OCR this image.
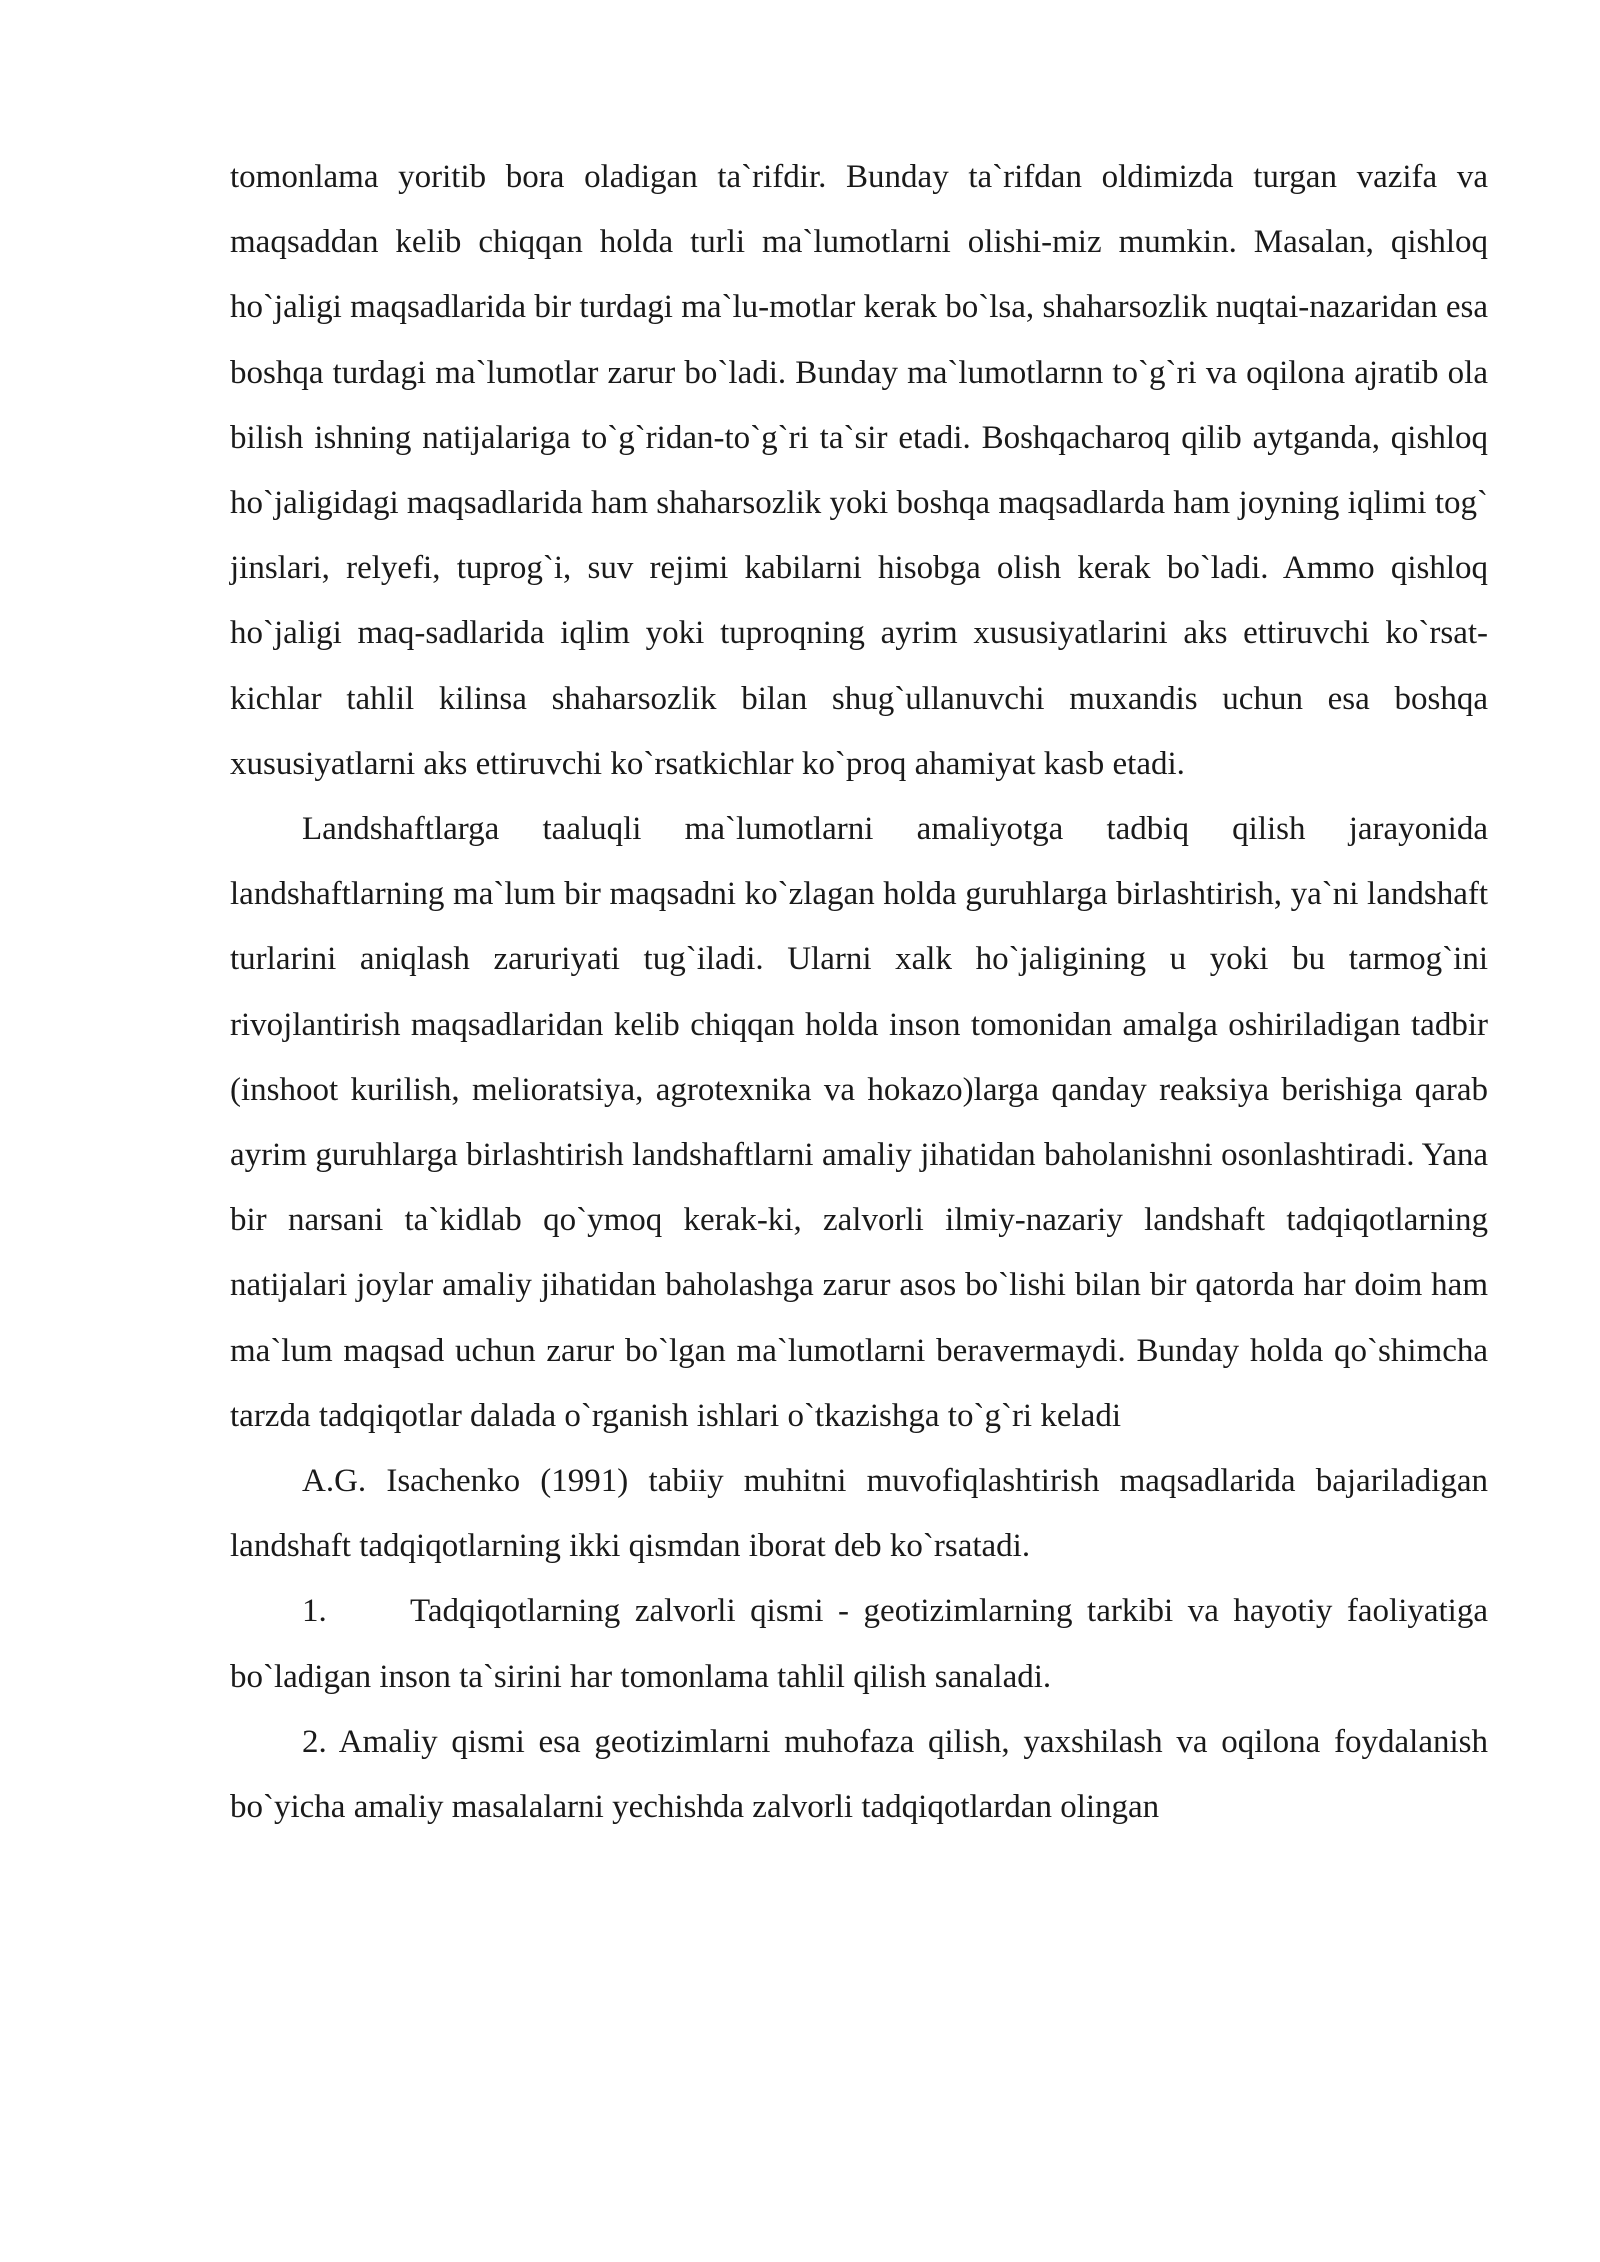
tomonlama yoritib bora oladigan ta`rifdir. Bunday ta`rifdan oldimizda turgan vazifa va maqsaddan kelib chiqqan holda turli ma`lumotlarni olishi-miz mumkin. Masalan, qishloq ho`jaligi maqsadlarida bir turdagi ma`lu-motlar kerak bo`lsa, shaharsozlik nuqtai-nazaridan esa boshqa turdagi ma`lumotlar zarur bo`ladi. Bunday ma`lumotlarnn to`g`ri va oqilona ajratib ola bilish ishning natijalariga to`g`ridan-to`g`ri ta`sir etadi. Boshqacharoq qilib aytganda, qishloq ho`jaligidagi maqsadlarida ham shaharsozlik yoki boshqa maqsadlarda ham joyning iqlimi tog` jinslari, relyefi, tuprog`i, suv rejimi kabilarni hisobga olish kerak bo`ladi. Ammo qishloq ho`jaligi maq-sadlarida iqlim yoki tuproqning ayrim xususiyatlarini aks ettiruvchi ko`rsat-kichlar tahlil kilinsa shaharsozlik bilan shug`ullanuvchi muxandis uchun esa boshqa xususiyatlarni aks ettiruvchi ko`rsatkichlar ko`proq ahamiyat kasb etadi.

Landshaftlarga taaluqli ma`lumotlarni amaliyotga tadbiq qilish jarayonida landshaftlarning ma`lum bir maqsadni ko`zlagan holda guruhlarga birlashtirish, ya`ni landshaft turlarini aniqlash zaruriyati tug`iladi. Ularni xalk ho`jaligining u yoki bu tarmog`ini rivojlantirish maqsadlaridan kelib chiqqan holda inson tomonidan amalga oshiriladigan tadbir (inshoot kurilish, melioratsiya, agrotexnika va hokazo)larga qanday reaksiya berishiga qarab ayrim guruhlarga birlashtirish landshaftlarni amaliy jihatidan baholanishni osonlashtiradi. Yana bir narsani ta`kidlab qo`ymoq kerak-ki, zalvorli ilmiy-nazariy landshaft tadqiqotlarning natijalari joylar amaliy jihatidan baholashga zarur asos bo`lishi bilan bir qatorda har doim ham ma`lum maqsad uchun zarur bo`lgan ma`lumotlarni beravermaydi. Bunday holda qo`shimcha tarzda tadqiqotlar dalada o`rganish ishlari o`tkazishga to`g`ri keladi

A.G. Isachenko (1991) tabiiy muhitni muvofiqlashtirish maqsadlarida bajariladigan landshaft tadqiqotlarning ikki qismdan iborat deb ko`rsatadi.

1.	Tadqiqotlarning zalvorli qismi - geotizimlarning tarkibi va hayotiy faoliyatiga bo`ladigan inson ta`sirini har tomonlama tahlil qilish sanaladi.

2. Amaliy qismi esa geotizimlarni muhofaza qilish, yaxshilash va oqilona foydalanish bo`yicha amaliy masalalarni yechishda zalvorli tadqiqotlardan olingan
